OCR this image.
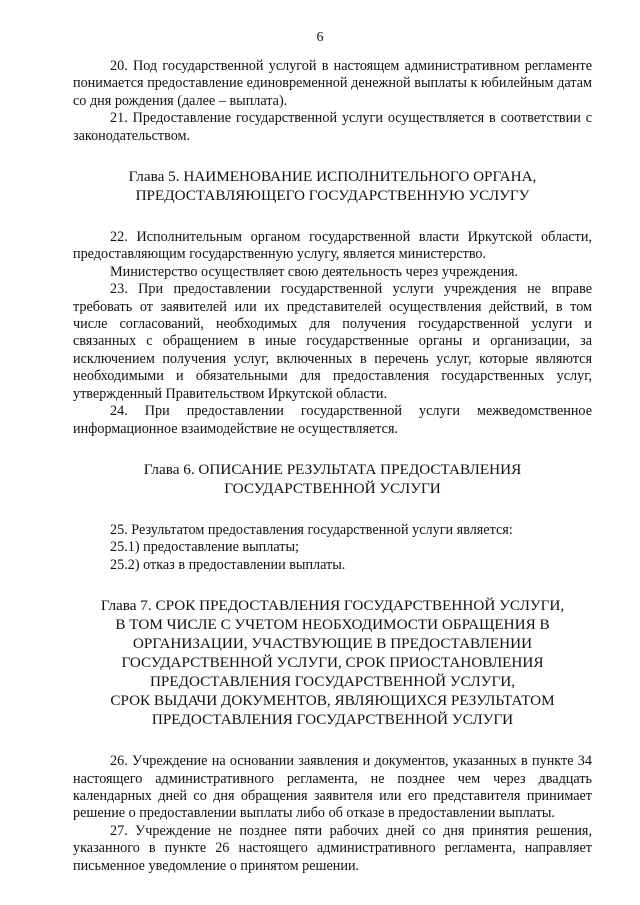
6

20. Под государственной услугой в настоящем административном регламенте понимается предоставление единовременной денежной выплаты к юбилейным датам со дня рождения (далее – выплата).

21. Предоставление государственной услуги осуществляется в соответствии с законодательством.

Глава 5. НАИМЕНОВАНИЕ ИСПОЛНИТЕЛЬНОГО ОРГАНА,
ПРЕДОСТАВЛЯЮЩЕГО ГОСУДАРСТВЕННУЮ УСЛУГУ

22. Исполнительным органом государственной власти Иркутской области, предоставляющим государственную услугу, является министерство.

Министерство осуществляет свою деятельность через учреждения.

23. При предоставлении государственной услуги учреждения не вправе требовать от заявителей или их представителей осуществления действий, в том числе согласований, необходимых для получения государственной услуги и связанных с обращением в иные государственные органы и организации, за исключением получения услуг, включенных в перечень услуг, которые являются необходимыми и обязательными для предоставления государственных услуг, утвержденный Правительством Иркутской области.

24. При предоставлении государственной услуги межведомственное информационное взаимодействие не осуществляется.

Глава 6. ОПИСАНИЕ РЕЗУЛЬТАТА ПРЕДОСТАВЛЕНИЯ
ГОСУДАРСТВЕННОЙ УСЛУГИ

25. Результатом предоставления государственной услуги является:

25.1) предоставление выплаты;

25.2) отказ в предоставлении выплаты.

Глава 7. СРОК ПРЕДОСТАВЛЕНИЯ ГОСУДАРСТВЕННОЙ УСЛУГИ,
В ТОМ ЧИСЛЕ С УЧЕТОМ НЕОБХОДИМОСТИ ОБРАЩЕНИЯ В
ОРГАНИЗАЦИИ, УЧАСТВУЮЩИЕ В ПРЕДОСТАВЛЕНИИ
ГОСУДАРСТВЕННОЙ УСЛУГИ, СРОК ПРИОСТАНОВЛЕНИЯ
ПРЕДОСТАВЛЕНИЯ ГОСУДАРСТВЕННОЙ УСЛУГИ,
СРОК ВЫДАЧИ ДОКУМЕНТОВ, ЯВЛЯЮЩИХСЯ РЕЗУЛЬТАТОМ
ПРЕДОСТАВЛЕНИЯ ГОСУДАРСТВЕННОЙ УСЛУГИ

26. Учреждение на основании заявления и документов, указанных в пункте 34 настоящего административного регламента, не позднее чем через двадцать календарных дней со дня обращения заявителя или его представителя принимает решение о предоставлении выплаты либо об отказе в предоставлении выплаты.

27. Учреждение не позднее пяти рабочих дней со дня принятия решения, указанного в пункте 26 настоящего административного регламента, направляет письменное уведомление о принятом решении.
